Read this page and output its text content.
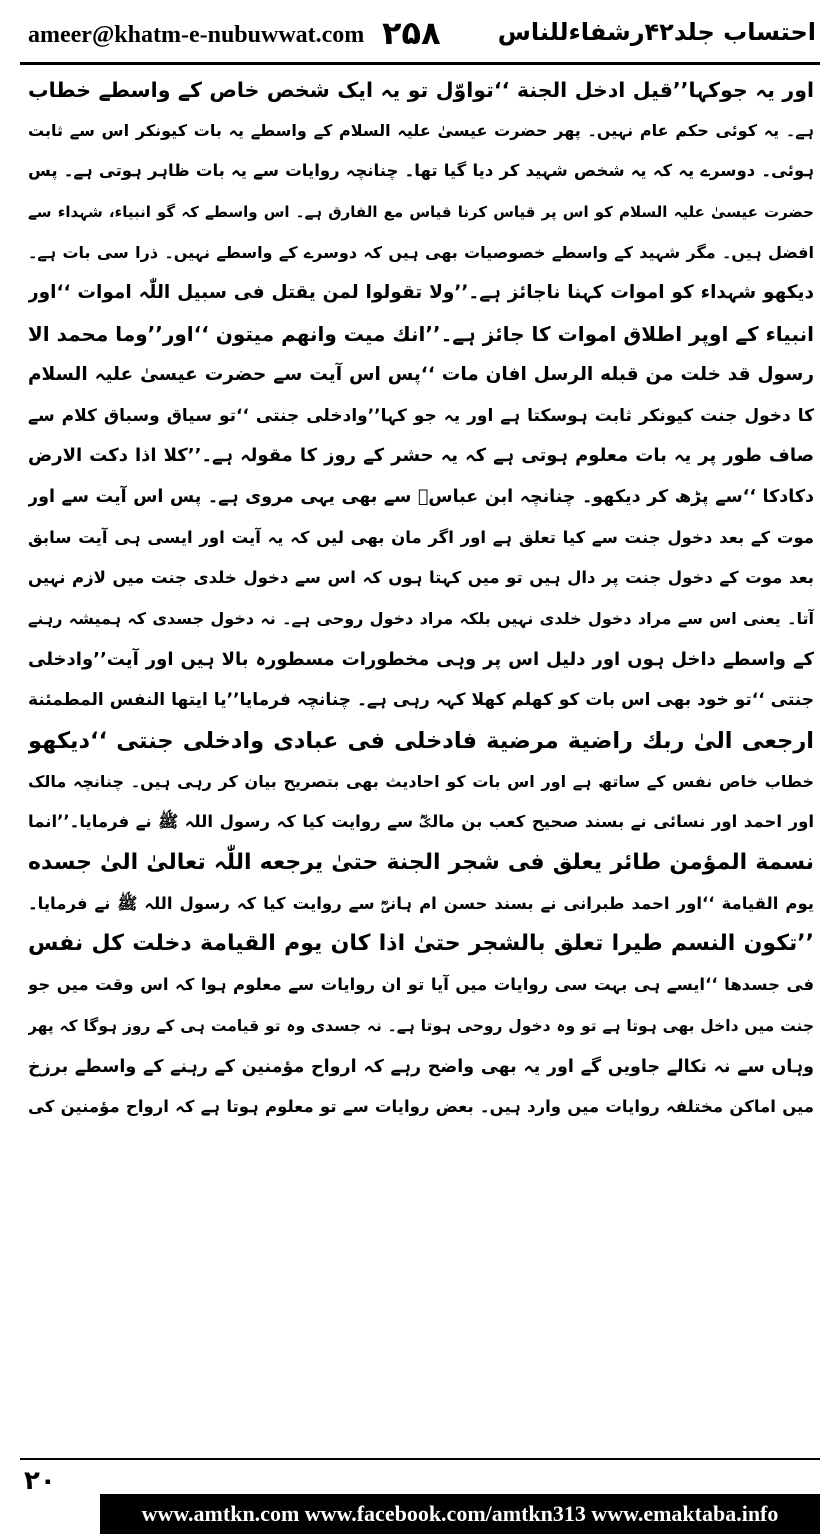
ameer@khatm-e-nubuwwat.com ۲۵۸ احتساب جلد۴۲رشفاءللناس
اور یہ جوکہا’’قیل ادخل الجنة ‘‘تواوّل تو یہ ایک شخص خاص کے واسطے خطاب
ہے۔ یہ کوئی حکم عام نہیں۔ پھر حضرت عیسیٰ علیہ السلام کے واسطے یہ بات کیونکر اس سے ثابت
ہوئی۔ دوسرے یہ کہ یہ شخص شہید کر دیا گیا تھا۔ چنانچہ روایات سے یہ بات ظاہر ہوتی ہے۔ پس
حضرت عیسیٰ علیہ السلام کو اس پر قیاس کرنا قیاس مع الفارق ہے۔ اس واسطے کہ گو انبیاء، شہداء سے
افضل ہیں۔ مگر شہید کے واسطے خصوصیات بھی ہیں کہ دوسرے کے واسطے نہیں۔ ذرا سی بات ہے۔
دیکھو شہداء کو اموات کہنا ناجائز ہے۔’’ولا تقولوا لمن یقتل فی سبیل اللّٰہ اموات ‘‘اور
انبیاء کے اوپر اطلاق اموات کا جائز ہے۔’’انك میت وانهم میتون ‘‘اور’’وما محمد الا
رسول قد خلت من قبله الرسل افان مات ‘‘پس اس آیت سے حضرت عیسیٰ علیہ السلام
کا دخول جنت کیونکر ثابت ہوسکتا ہے اور یہ جو کہا’’وادخلی جنتی ‘‘تو سیاق وسباق کلام سے
صاف طور پر یہ بات معلوم ہوتی ہے کہ یہ حشر کے روز کا مقولہ ہے۔’’کلا اذا دکت الارض
دکادکا ‘‘سے پڑھ کر دیکھو۔ چنانچہ ابن عباسؓ سے بھی یہی مروی ہے۔ پس اس آیت سے اور
موت کے بعد دخول جنت سے کیا تعلق ہے اور اگر مان بھی لیں کہ یہ آیت اور ایسی ہی آیت سابق
بعد موت کے دخول جنت پر دال ہیں تو میں کہتا ہوں کہ اس سے دخول خلدی جنت میں لازم نہیں
آتا۔ یعنی اس سے مراد دخول خلدی نہیں بلکہ مراد دخول روحی ہے۔ نہ دخول جسدی کہ ہمیشہ رہنے
کے واسطے داخل ہوں اور دلیل اس پر وہی مخطورات مسطورہ بالا ہیں اور آیت’’وادخلی
جنتی ‘‘تو خود بھی اس بات کو کھلم کھلا کہہ رہی ہے۔ چنانچہ فرمایا’’یا ایتها النفس المطمئنة
ارجعی الیٰ ربك راضیة مرضیة فادخلی فی عبادی وادخلی جنتی ‘‘دیکھو
خطاب خاص نفس کے ساتھ ہے اور اس بات کو احادیث بھی بتصریح بیان کر رہی ہیں۔ چنانچہ مالک
اور احمد اور نسائی نے بسند صحیح کعب بن مالکؓ سے روایت کیا کہ رسول اللہ ﷺ نے فرمایا۔’’انما
نسمة المؤمن طائر یعلق فی شجر الجنة حتیٰ یرجعه اللّٰہ تعالیٰ الیٰ جسده
یوم القیامة ‘‘اور احمد طبرانی نے بسند حسن ام ہانیؓ سے روایت کیا کہ رسول اللہ ﷺ نے فرمایا۔
’’تکون النسم طیرا تعلق بالشجر حتیٰ اذا کان یوم القیامة دخلت کل نفس
فی جسدها ‘‘ایسے ہی بہت سی روایات میں آیا تو ان روایات سے معلوم ہوا کہ اس وقت میں جو
جنت میں داخل بھی ہوتا ہے تو وہ دخول روحی ہوتا ہے۔ نہ جسدی وہ تو قیامت ہی کے روز ہوگا کہ پھر
وہاں سے نہ نکالے جاویں گے اور یہ بھی واضح رہے کہ ارواح مؤمنین کے رہنے کے واسطے برزخ
میں اماکن مختلفہ روایات میں وارد ہیں۔ بعض روایات سے تو معلوم ہوتا ہے کہ ارواح مؤمنین کی
۲۰
www.amtkn.com www.facebook.com/amtkn313 www.emaktaba.info
